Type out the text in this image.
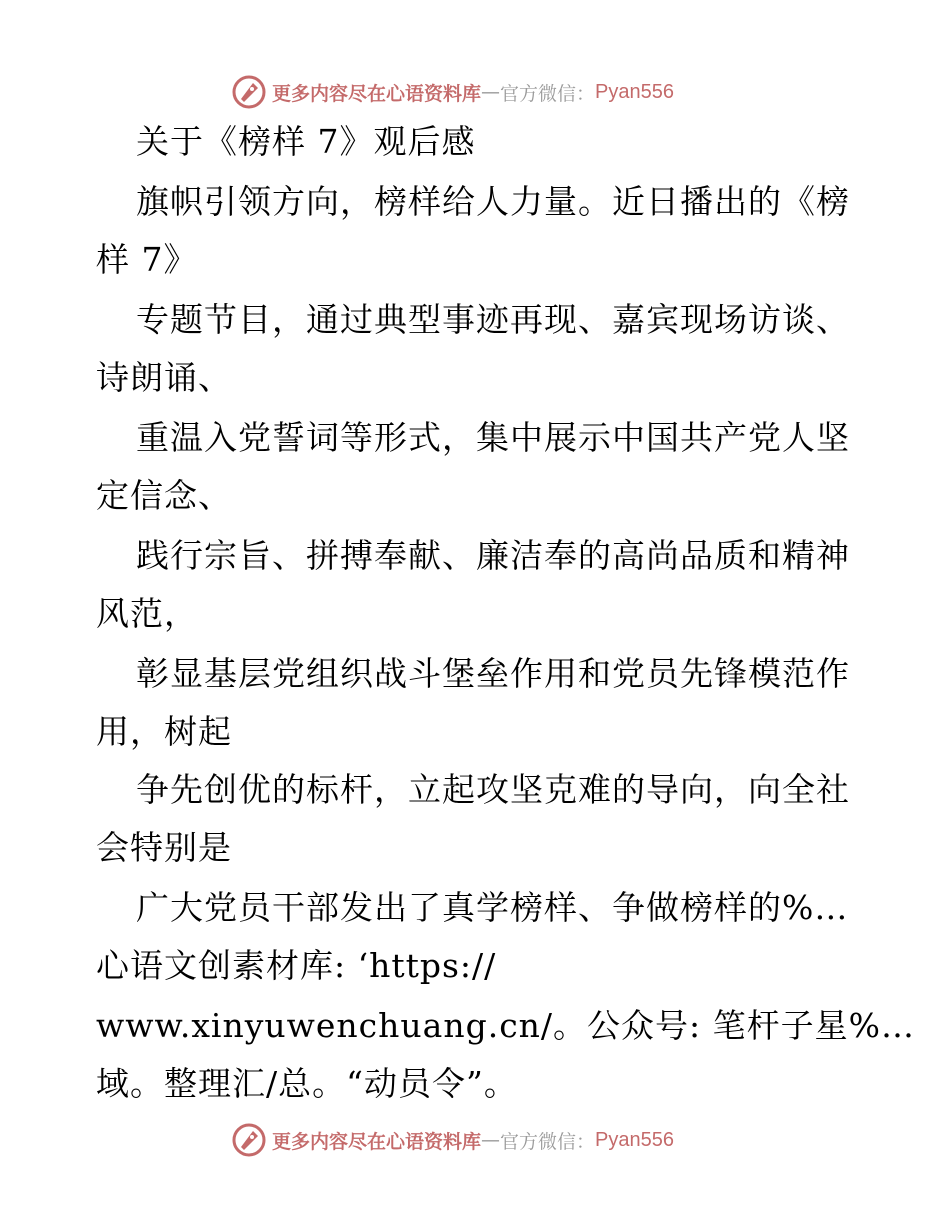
更多内容尽在心语资料库 — 官方微信： Pyan556
关于《榜样 7》观后感
旗帜引领方向，榜样给人力量。近日播出的《榜
样 7》
专题节目，通过典型事迹再现、嘉宾现场访谈、
诗朗诵、
重温入党誓词等形式，集中展示中国共产党人坚
定信念、
践行宗旨、拼搏奉献、廉洁奉的高尚品质和精神
风范，
彰显基层党组织战斗堡垒作用和党员先锋模范作
用，树起
争先创优的标杆，立起攻坚克难的导向，向全社
会特别是
广大党员干部发出了真学榜样、争做榜样的%…
心语文创素材库: ‘https://
www.xinyuwenchuang.cn/。公众号: 笔杆子星%…
域。整理汇/总。“动员令”。
更多内容尽在心语资料库 — 官方微信： Pyan556
